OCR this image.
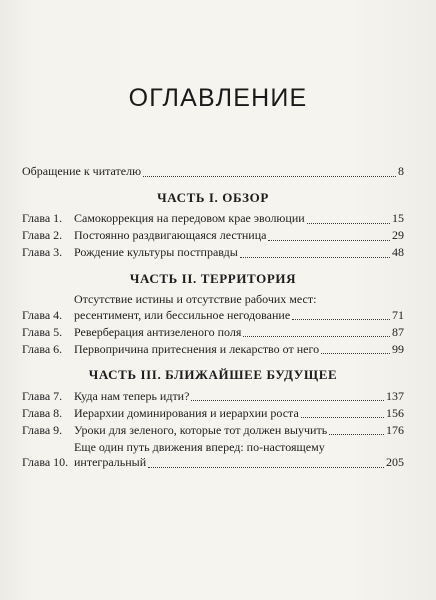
ОГЛАВЛЕНИЕ
Обращение к читателю	8
ЧАСТЬ I. ОБЗОР
Глава 1. Самокоррекция на передовом крае эволюции	15
Глава 2. Постоянно раздвигающаяся лестница	29
Глава 3. Рождение культуры постправды	48
ЧАСТЬ II. ТЕРРИТОРИЯ
Глава 4.
Отсутствие истины и отсутствие рабочих мест:
ресентимент, или бессильное негодование	71
Глава 5. Реверберация антизеленого поля	87
Глава 6. Первопричина притеснения и лекарство от него	99
ЧАСТЬ III. БЛИЖАЙШЕЕ БУДУЩЕЕ
Глава 7. Куда нам теперь идти?	137
Глава 8. Иерархии доминирования и иерархии роста	156
Глава 9. Уроки для зеленого, которые тот должен выучить	176
Глава 10.
Еще один путь движения вперед: по-настоящему
интегральный	205
